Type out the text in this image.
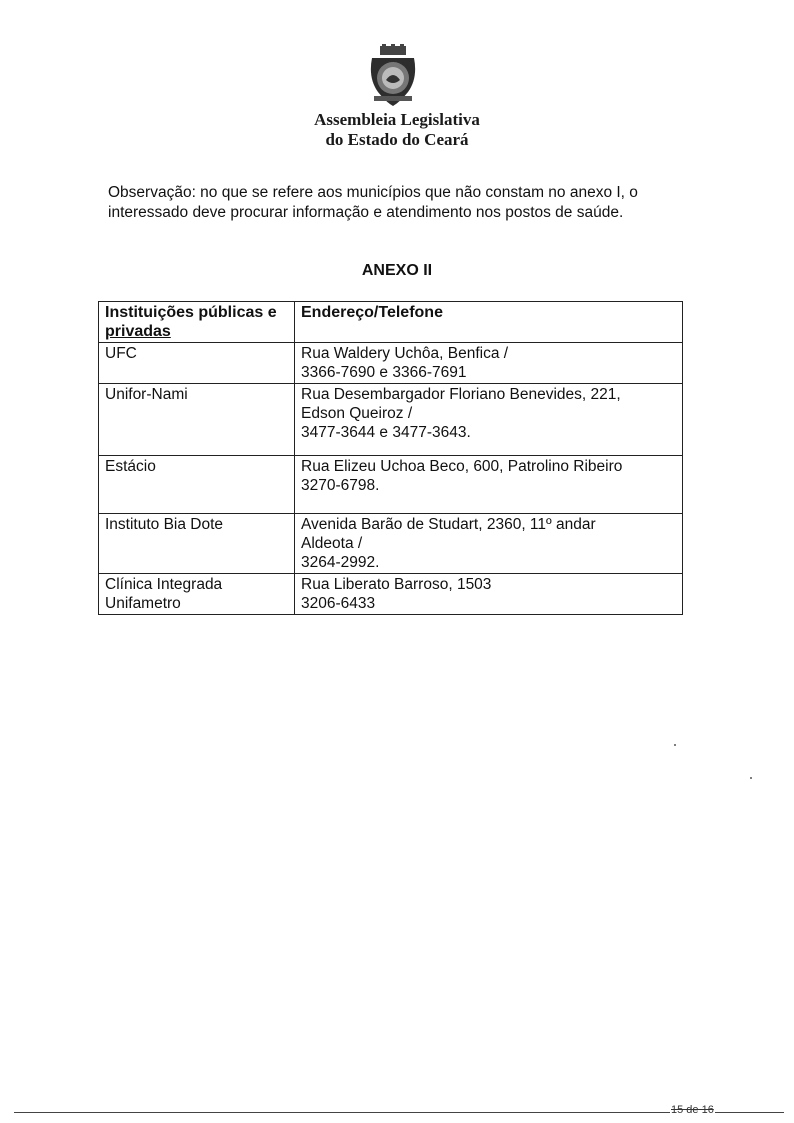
Assembleia Legislativa
do Estado do Ceará
Observação: no que se refere aos municípios que não constam no anexo I, o interessado deve procurar informação e atendimento nos postos de saúde.
ANEXO II
Instituições públicas e
privadas	Endereço/Telefone
UFC	Rua Waldery Uchôa, Benfica /
3366-7690 e 3366-7691
Unifor-Nami	Rua Desembargador Floriano Benevides, 221,
Edson Queiroz /
3477-3644 e 3477-3643.
Estácio	Rua Elizeu Uchoa Beco, 600, Patrolino Ribeiro
3270-6798.
Instituto Bia Dote	Avenida Barão de Studart, 2360, 11º andar
Aldeota /
3264-2992.
Clínica Integrada
Unifametro	Rua Liberato Barroso, 1503
3206-6433
15 de 16
